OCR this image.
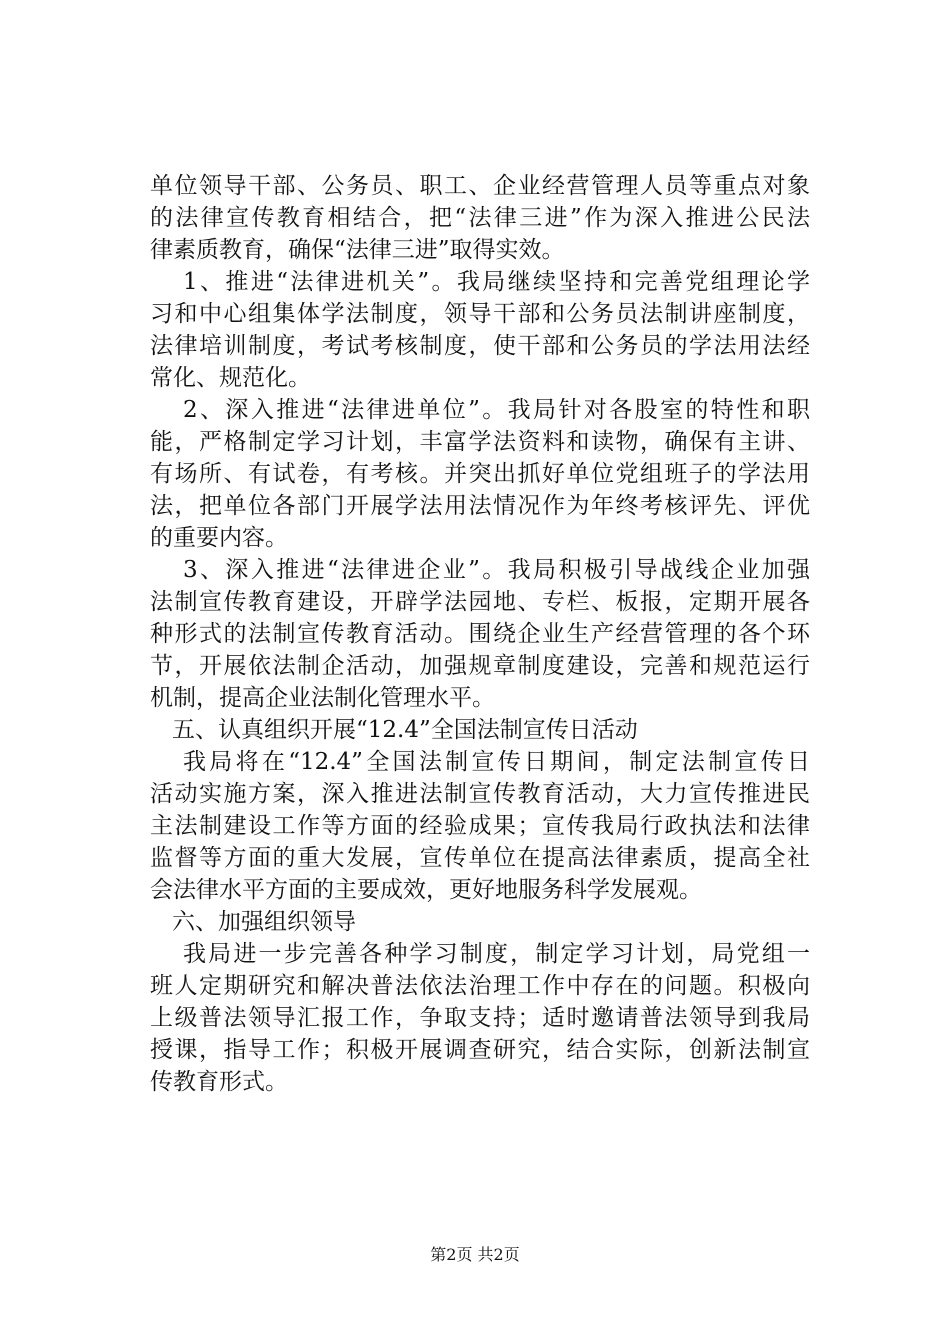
单位领导干部、公务员、职工、企业经营管理人员等重点对象
的法律宣传教育相结合，把“法律三进”作为深入推进公民法
律素质教育，确保“法律三进”取得实效。
1、推进“法律进机关”。我局继续坚持和完善党组理论学
习和中心组集体学法制度，领导干部和公务员法制讲座制度，
法律培训制度，考试考核制度，使干部和公务员的学法用法经
常化、规范化。
2、深入推进“法律进单位”。我局针对各股室的特性和职
能，严格制定学习计划，丰富学法资料和读物，确保有主讲、
有场所、有试卷，有考核。并突出抓好单位党组班子的学法用
法，把单位各部门开展学法用法情况作为年终考核评先、评优
的重要内容。
3、深入推进“法律进企业”。我局积极引导战线企业加强
法制宣传教育建设，开辟学法园地、专栏、板报，定期开展各
种形式的法制宣传教育活动。围绕企业生产经营管理的各个环
节，开展依法制企活动，加强规章制度建设，完善和规范运行
机制，提高企业法制化管理水平。
五、认真组织开展“12.4”全国法制宣传日活动
我局将在“12.4”全国法制宣传日期间，制定法制宣传日
活动实施方案，深入推进法制宣传教育活动，大力宣传推进民
主法制建设工作等方面的经验成果；宣传我局行政执法和法律
监督等方面的重大发展，宣传单位在提高法律素质，提高全社
会法律水平方面的主要成效，更好地服务科学发展观。
六、加强组织领导
我局进一步完善各种学习制度，制定学习计划，局党组一
班人定期研究和解决普法依法治理工作中存在的问题。积极向
上级普法领导汇报工作，争取支持；适时邀请普法领导到我局
授课，指导工作；积极开展调查研究，结合实际，创新法制宣
传教育形式。
第2页 共2页
